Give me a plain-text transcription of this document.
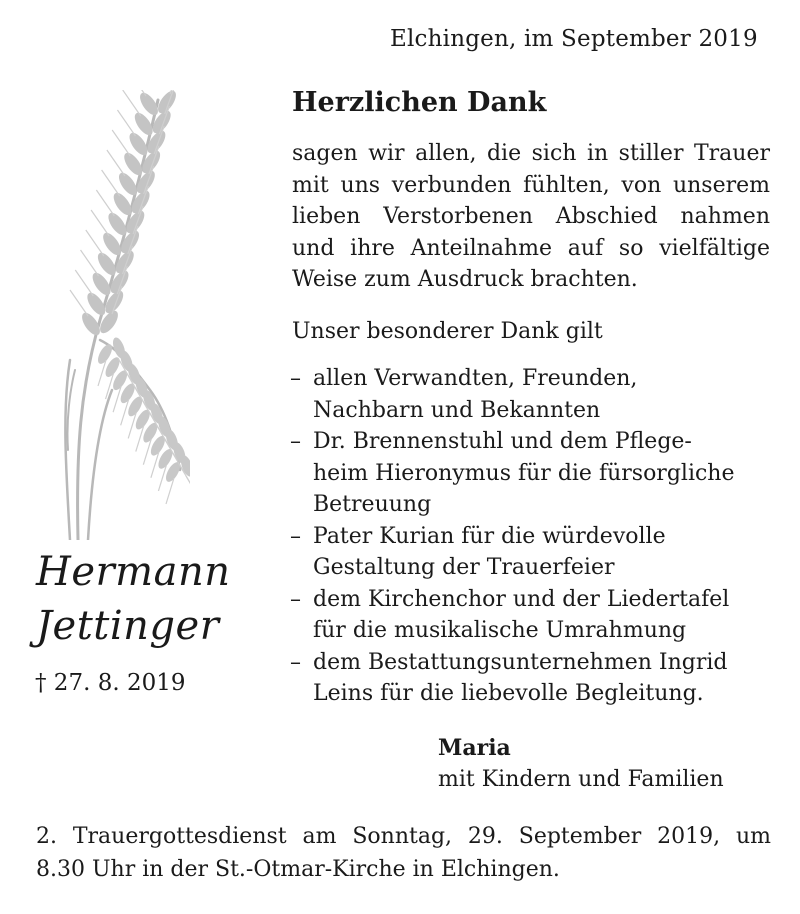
Elchingen, im September 2019
Herzlichen Dank
sagen wir allen, die sich in stiller Trauer
mit uns verbunden fühlten, von unserem
lieben Verstorbenen Abschied nahmen
und ihre Anteilnahme auf so vielfältige
Weise zum Ausdruck brachten.
Unser besonderer Dank gilt
– allen Verwandten, Freunden,
Nachbarn und Bekannten
– Dr. Brennenstuhl und dem Pflege-
heim Hieronymus für die fürsorgliche
Betreuung
– Pater Kurian für die würdevolle
Gestaltung der Trauerfeier
– dem Kirchenchor und der Liedertafel
für die musikalische Umrahmung
– dem Bestattungsunternehmen Ingrid
Leins für die liebevolle Begleitung.
Hermann
Jettinger
† 27. 8. 2019
Maria
mit Kindern und Familien
2. Trauergottesdienst am Sonntag, 29. September 2019, um
8.30 Uhr in der St.-Otmar-Kirche in Elchingen.
